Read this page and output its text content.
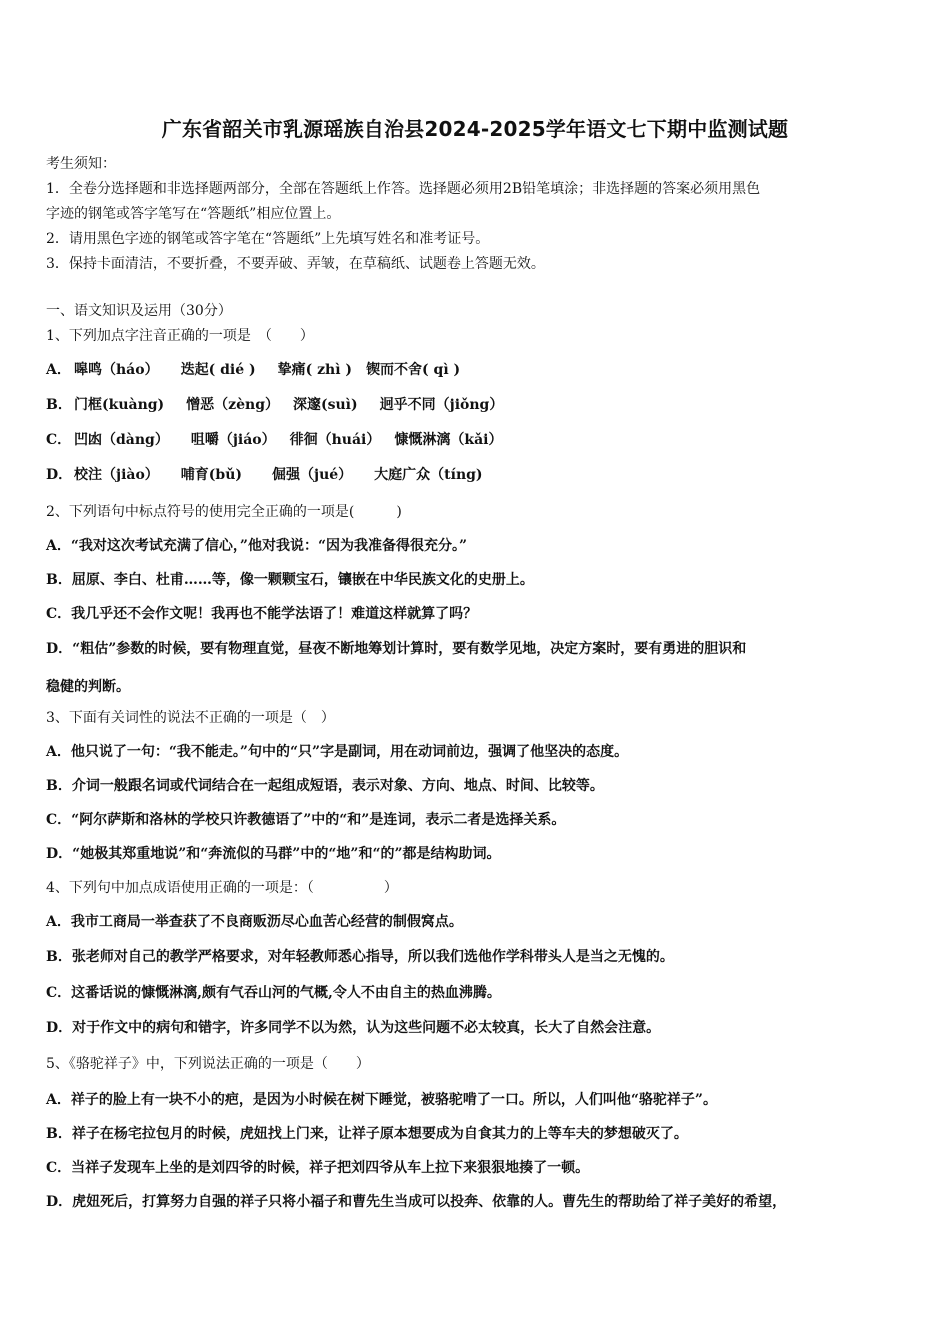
广东省韶关市乳源瑶族自治县2024-2025学年语文七下期中监测试题
考生须知：
1．全卷分选择题和非选择题两部分，全部在答题纸上作答。选择题必须用2B铅笔填涂；非选择题的答案必须用黑色
字迹的钢笔或答字笔写在“答题纸”相应位置上。
2．请用黑色字迹的钢笔或答字笔在“答题纸”上先填写姓名和准考证号。
3．保持卡面清洁，不要折叠，不要弄破、弄皱，在草稿纸、试题卷上答题无效。
一、语文知识及运用（30分）
1、下列加点字注音正确的一项是　（　　）
A． 嗥鸣（háo） 迭起( dié ) 挚痛( zhì ) 锲而不舍( qì )
B． 门框(kuàng) 憎恶（zèng） 深邃(suì) 迥乎不同（jiǒng）
C． 凹凼（dàng） 咀嚼（jiáo） 徘徊（huái） 慷慨淋漓（kǎi）
D． 校注（jiào） 哺育(bǔ) 倔强（jué） 大庭广众（tíng)
2、下列语句中标点符号的使用完全正确的一项是(　　　)
A．“我对这次考试充满了信心，”他对我说：“因为我准备得很充分。”
B．屈原、李白、杜甫……等，像一颗颗宝石，镶嵌在中华民族文化的史册上。
C．我几乎还不会作文呢！我再也不能学法语了！难道这样就算了吗？
D．“粗估”参数的时候，要有物理直觉，昼夜不断地筹划计算时，要有数学见地，决定方案时，要有勇进的胆识和
稳健的判断。
3、下面有关词性的说法不正确的一项是（　）
A．他只说了一句：“我不能走。”句中的“只”字是副词，用在动词前边，强调了他坚决的态度。
B．介词一般跟名词或代词结合在一起组成短语，表示对象、方向、地点、时间、比较等。
C．“阿尔萨斯和洛林的学校只许教德语了”中的“和”是连词，表示二者是选择关系。
D．“她极其郑重地说”和“奔流似的马群”中的“地”和“的”都是结构助词。
4、下列句中加点成语使用正确的一项是：（　　　　　）
A．我市工商局一举查获了不良商贩沥尽心血苦心经营的制假窝点。
B．张老师对自己的教学严格要求，对年轻教师悉心指导，所以我们选他作学科带头人是当之无愧的。
C．这番话说的慷慨淋漓,颇有气吞山河的气概,令人不由自主的热血沸腾。
D．对于作文中的病句和错字，许多同学不以为然，认为这些问题不必太较真，长大了自然会注意。
5、《骆驼祥子》中，下列说法正确的一项是（　　）
A．祥子的脸上有一块不小的疤，是因为小时候在树下睡觉，被骆驼啃了一口。所以，人们叫他“骆驼祥子”。
B．祥子在杨宅拉包月的时候，虎妞找上门来，让祥子原本想要成为自食其力的上等车夫的梦想破灭了。
C．当祥子发现车上坐的是刘四爷的时候，祥子把刘四爷从车上拉下来狠狠地揍了一顿。
D．虎妞死后，打算努力自强的祥子只将小福子和曹先生当成可以投奔、依靠的人。曹先生的帮助给了祥子美好的希望，
